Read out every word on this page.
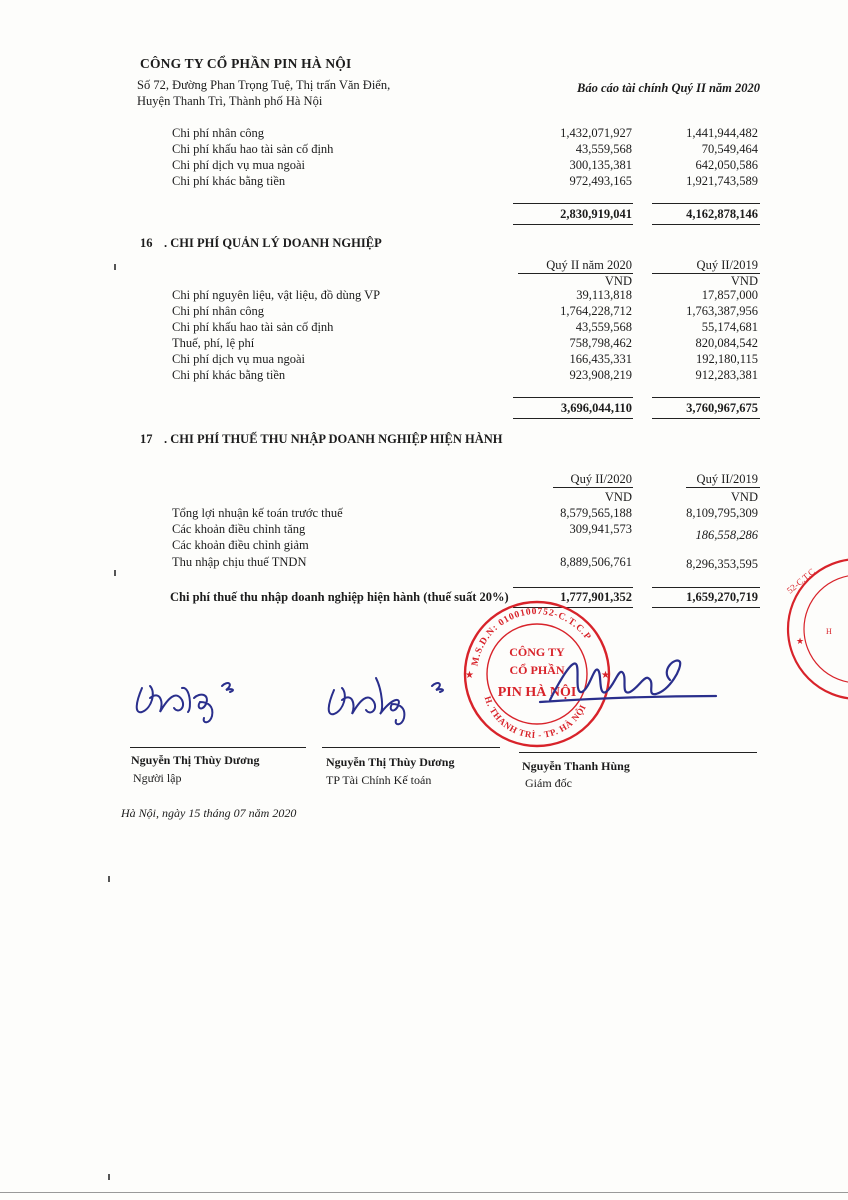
CÔNG TY CỔ PHẦN PIN HÀ NỘI
Số 72, Đường Phan Trọng Tuệ, Thị trấn Văn Điển,
Huyện Thanh Trì, Thành phố Hà Nội
Báo cáo tài chính Quý II năm 2020
Chi phí nhân công	1,432,071,927	1,441,944,482
Chi phí khấu hao tài sản cố định	43,559,568	70,549,464
Chi phí dịch vụ mua ngoài	300,135,381	642,050,586
Chi phí khác bằng tiền	972,493,165	1,921,743,589
2,830,919,041	4,162,878,146
16 . CHI PHÍ QUẢN LÝ DOANH NGHIỆP
Quý II năm 2020	Quý II/2019
VND	VND
Chi phí nguyên liệu, vật liệu, đồ dùng VP	39,113,818	17,857,000
Chi phí nhân công	1,764,228,712	1,763,387,956
Chi phí khấu hao tài sản cố định	43,559,568	55,174,681
Thuế, phí, lệ phí	758,798,462	820,084,542
Chi phí dịch vụ mua ngoài	166,435,331	192,180,115
Chi phí khác bằng tiền	923,908,219	912,283,381
3,696,044,110	3,760,967,675
17 . CHI PHÍ THUẾ THU NHẬP DOANH NGHIỆP HIỆN HÀNH
Quý II/2020	Quý II/2019
VND	VND
Tổng lợi nhuận kế toán trước thuế	8,579,565,188	8,109,795,309
Các khoản điều chỉnh tăng	309,941,573	186,558,286
Các khoản điều chỉnh giảm
Thu nhập chịu thuế TNDN	8,889,506,761	8,296,353,595
Chi phí thuế thu nhập doanh nghiệp hiện hành (thuế suất 20%)	1,777,901,352	1,659,270,719
52-C.T.C
★
H
M.S.D.N: 0100100752-C.T.C.P
H. THANH TRÌ - TP. HÀ NỘI
★	★
CÔNG TY
CỔ PHẦN
PIN HÀ NỘI
Nguyễn Thị Thùy Dương
Người lập
Nguyễn Thị Thùy Dương
TP Tài Chính Kế toán
Nguyễn Thanh Hùng
Giám đốc
Hà Nội, ngày 15 tháng 07 năm 2020
